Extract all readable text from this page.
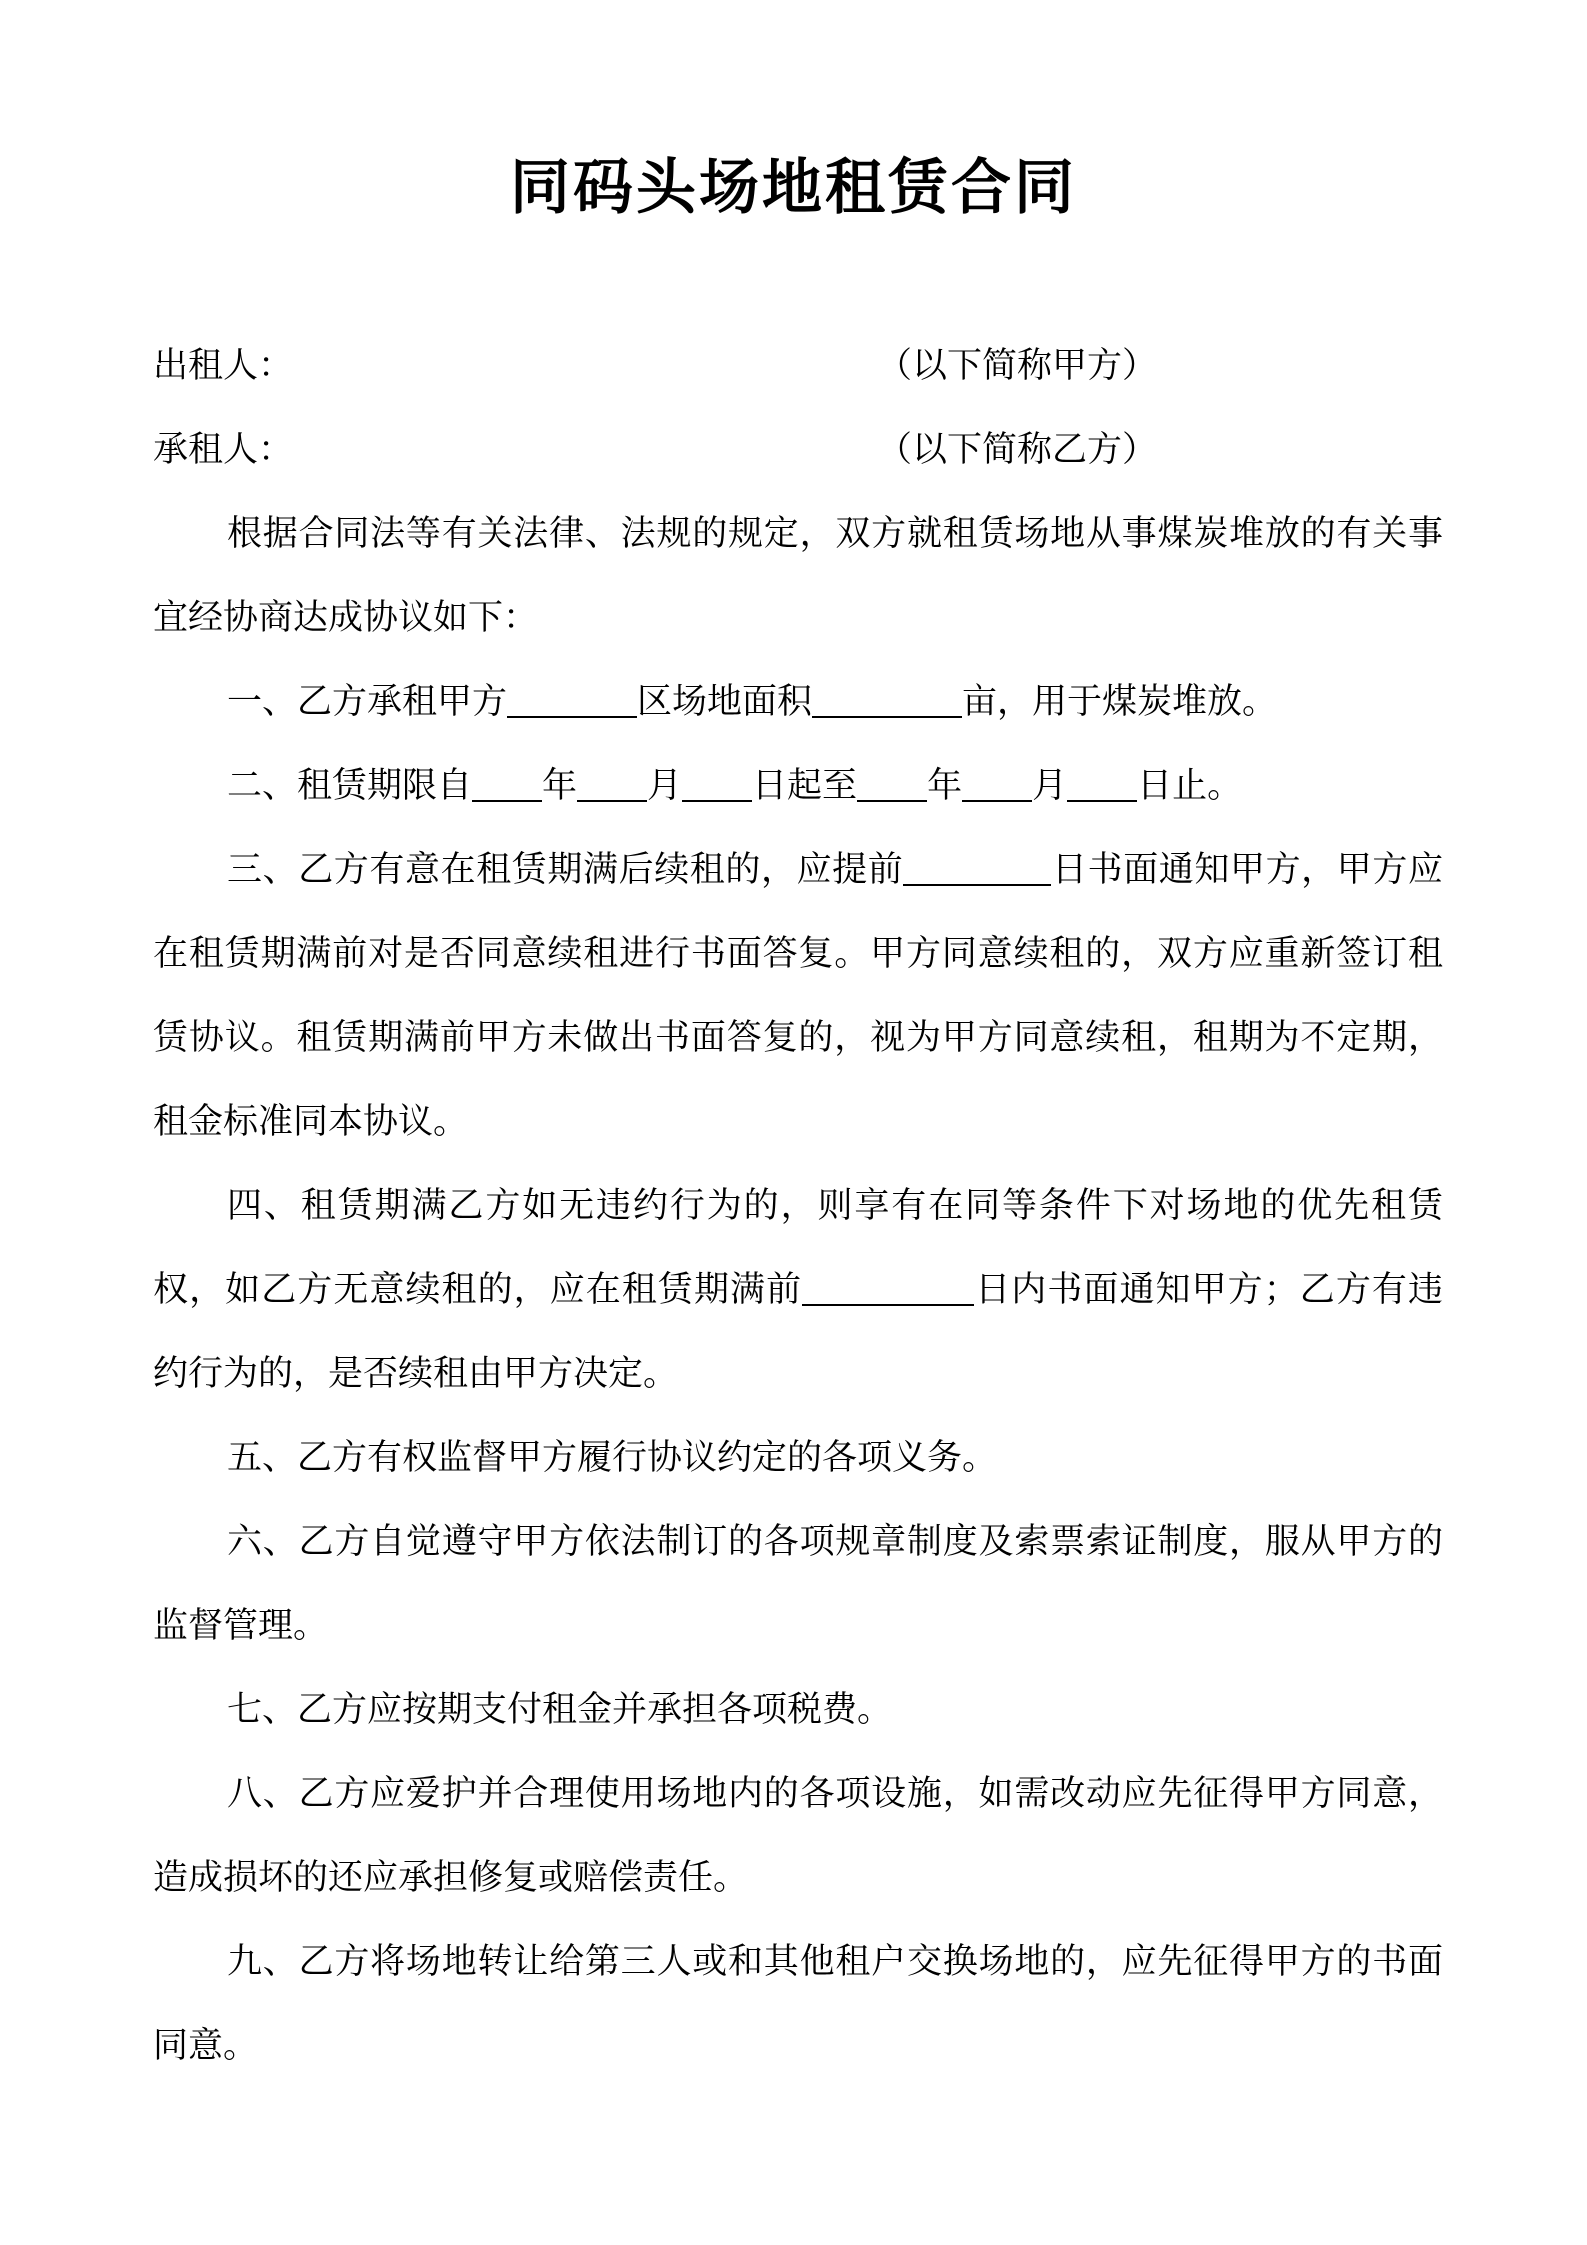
同码头场地租赁合同
出租人：	（以下简称甲方）
承租人：	（以下简称乙方）

根据合同法等有关法律、法规的规定，双方就租赁场地从事煤炭堆放的有关事宜经协商达成协议如下：

一、乙方承租甲方	区场地面积	亩，用于煤炭堆放。

二、租赁期限自 年 月 日起至 年 月 日止。

三、乙方有意在租赁期满后续租的，应提前	日书面通知甲方，甲方应在租赁期满前对是否同意续租进行书面答复。甲方同意续租的，双方应重新签订租赁协议。租赁期满前甲方未做出书面答复的，视为甲方同意续租，租期为不定期，租金标准同本协议。

四、租赁期满乙方如无违约行为的，则享有在同等条件下对场地的优先租赁权，如乙方无意续租的，应在租赁期满前	日内书面通知甲方；乙方有违约行为的，是否续租由甲方决定。

五、乙方有权监督甲方履行协议约定的各项义务。

六、乙方自觉遵守甲方依法制订的各项规章制度及索票索证制度，服从甲方的监督管理。

七、乙方应按期支付租金并承担各项税费。

八、乙方应爱护并合理使用场地内的各项设施，如需改动应先征得甲方同意，造成损坏的还应承担修复或赔偿责任。

九、乙方将场地转让给第三人或和其他租户交换场地的，应先征得甲方的书面同意。
